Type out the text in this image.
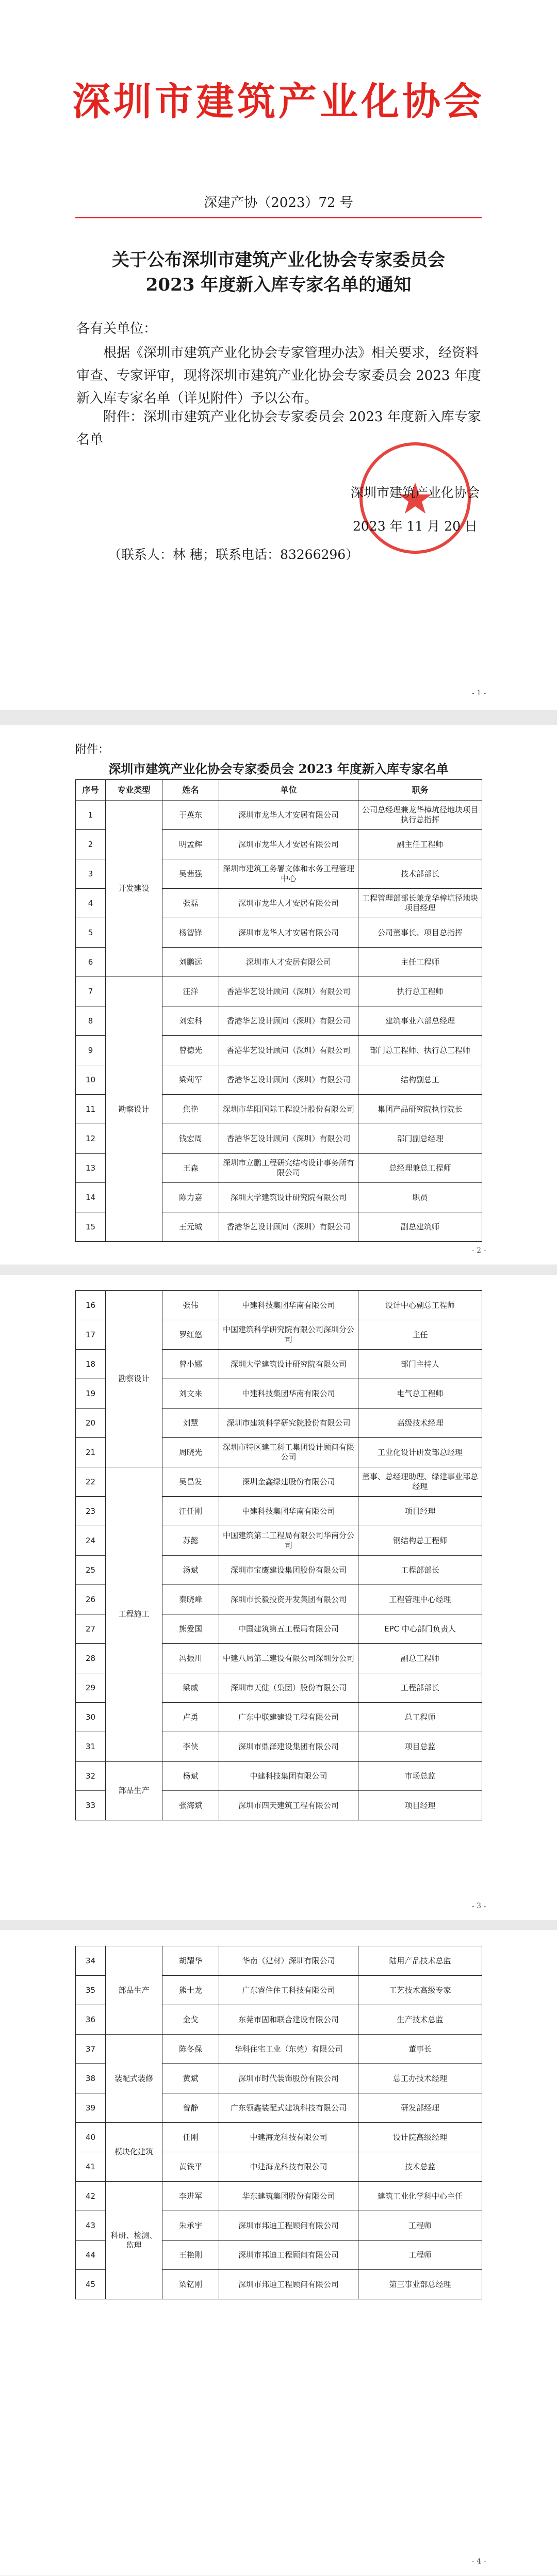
深圳市建筑产业化协会
深建产协（2023）72 号
关于公布深圳市建筑产业化协会专家委员会
2023 年度新入库专家名单的通知
各有关单位：
根据《深圳市建筑产业化协会专家管理办法》相关要求，经资料审查、专家评审，现将深圳市建筑产业化协会专家委员会 2023 年度新入库专家名单（详见附件）予以公布。
附件：深圳市建筑产业化协会专家委员会 2023 年度新入库专家名单
深圳市建筑产业化协会
2023 年 11 月 20 日
（联系人：林 穗；联系电话：83266296）
- 1 -
- 2 -
附件：
深圳市建筑产业化协会专家委员会 2023 年度新入库专家名单
序号	专业类型	姓名	单位	职务
1	开发建设	于英东	深圳市龙华人才安居有限公司	公司总经理兼龙华樟坑径地块项目执行总指挥
2		明孟辉	深圳市龙华人才安居有限公司	副主任工程师
3		吴茜强	深圳市建筑工务署文体和水务工程管理中心	技术部部长
4		张磊	深圳市龙华人才安居有限公司	工程管理部部长兼龙华樟坑径地块项目经理
5		杨智锋	深圳市龙华人才安居有限公司	公司董事长、项目总指挥
6		刘鹏远	深圳市人才安居有限公司	主任工程师
7	勘察设计	汪洋	香港华艺设计顾问（深圳）有限公司	执行总工程师
8		刘宏科	香港华艺设计顾问（深圳）有限公司	建筑事业六部总经理
9		曾德光	香港华艺设计顾问（深圳）有限公司	部门总工程师、执行总工程师
10		梁莉军	香港华艺设计顾问（深圳）有限公司	结构副总工
11		焦艳	深圳市华阳国际工程设计股份有限公司	集团产品研究院执行院长
12		钱宏周	香港华艺设计顾问（深圳）有限公司	部门副总经理
13		王森	深圳市立鹏工程研究结构设计事务所有限公司	总经理兼总工程师
14		陈力嘉	深圳大学建筑设计研究院有限公司	职员
15		王元城	香港华艺设计顾问（深圳）有限公司	副总建筑师
- 3 -
16	勘察设计	张伟	中建科技集团华南有限公司	设计中心副总工程师
17		罗红悠	中国建筑科学研究院有限公司深圳分公司	主任
18		曾小娜	深圳大学建筑设计研究院有限公司	部门主持人
19		刘文来	中建科技集团华南有限公司	电气总工程师
20		刘慧	深圳市建筑科学研究院股份有限公司	高级技术经理
21		周晓光	深圳市特区建工科工集团设计顾问有限公司	工业化设计研发部总经理
22	工程施工	吴昌发	深圳金鑫绿建股份有限公司	董事、总经理助理、绿建事业部总经理
23		汪任刚	中建科技集团华南有限公司	项目经理
24		苏懿	中国建筑第二工程局有限公司华南分公司	钢结构总工程师
25		汤斌	深圳市宝鹰建设集团股份有限公司	工程部部长
26		秦晓峰	深圳市长毅投资开发集团有限公司	工程管理中心经理
27		熊爱国	中国建筑第五工程局有限公司	EPC 中心部门负责人
28		冯振川	中建八局第二建设有限公司深圳分公司	副总工程师
29		梁威	深圳市天健（集团）股份有限公司	工程部部长
30		卢勇	广东中联建建设工程有限公司	总工程师
31		李侠	深圳市鼎泽建设集团有限公司	项目总监
32	部品生产	杨斌	中建科技集团有限公司	市场总监
33		张海斌	深圳市四天建筑工程有限公司	项目经理
- 4 -
34	部品生产	胡耀华	华南（建材）深圳有限公司	陆用产品技术总监
35		熊士龙	广东睿住住工科技有限公司	工艺技术高级专家
36		金戈	东莞市固和联合建设有限公司	生产技术总监
37	装配式装修	陈冬保	华科住宅工业（东莞）有限公司	董事长
38		黄斌	深圳市时代装饰股份有限公司	总工办技术经理
39		曾静	广东领鑫装配式建筑科技有限公司	研发部经理
40	模块化建筑	任刚	中建海龙科技有限公司	设计院高级经理
41		黄铁平	中建海龙科技有限公司	技术总监
42	科研、检测、监理	李进军	华东建筑集团股份有限公司	建筑工业化学科中心主任
43		朱承宇	深圳市邦迪工程顾问有限公司	工程师
44		王艳刚	深圳市邦迪工程顾问有限公司	工程师
45		梁钇刚	深圳市邦迪工程顾问有限公司	第三事业部总经理
